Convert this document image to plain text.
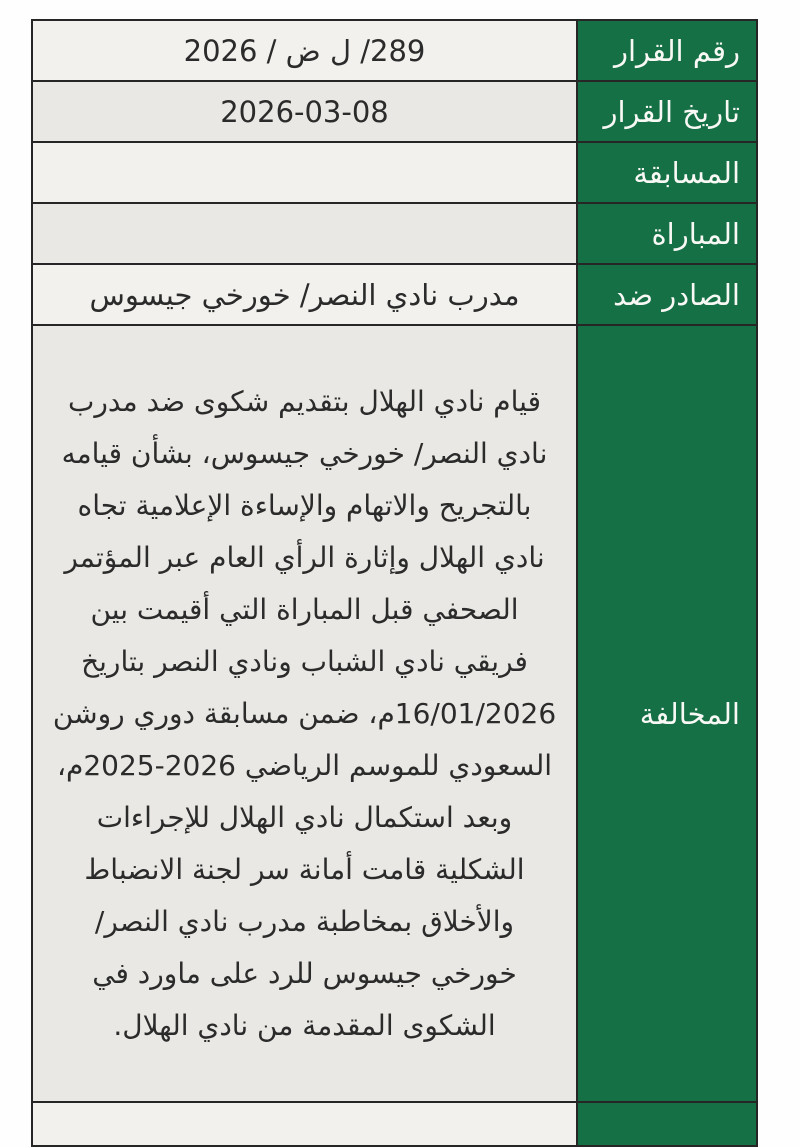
رقم القرار	289/ ل ض / 2026
تاريخ القرار	2026-03-08
المسابقة	
المباراة	
الصادر ضد	مدرب نادي النصر/ خورخي جيسوس
المخالفة	قيام نادي الهلال بتقديم شكوى ضد مدرب نادي النصر/ خورخي جيسوس، بشأن قيامه بالتجريح والاتهام والإساءة الإعلامية تجاه نادي الهلال وإثارة الرأي العام عبر المؤتمر الصحفي قبل المباراة التي أقيمت بين فريقي نادي الشباب ونادي النصر بتاريخ 16/01/2026م، ضمن مسابقة دوري روشن السعودي للموسم الرياضي 2026-2025م، وبعد استكمال نادي الهلال للإجراءات الشكلية قامت أمانة سر لجنة الانضباط والأخلاق بمخاطبة مدرب نادي النصر/ خورخي جيسوس للرد على ماورد في الشكوى المقدمة من نادي الهلال.
